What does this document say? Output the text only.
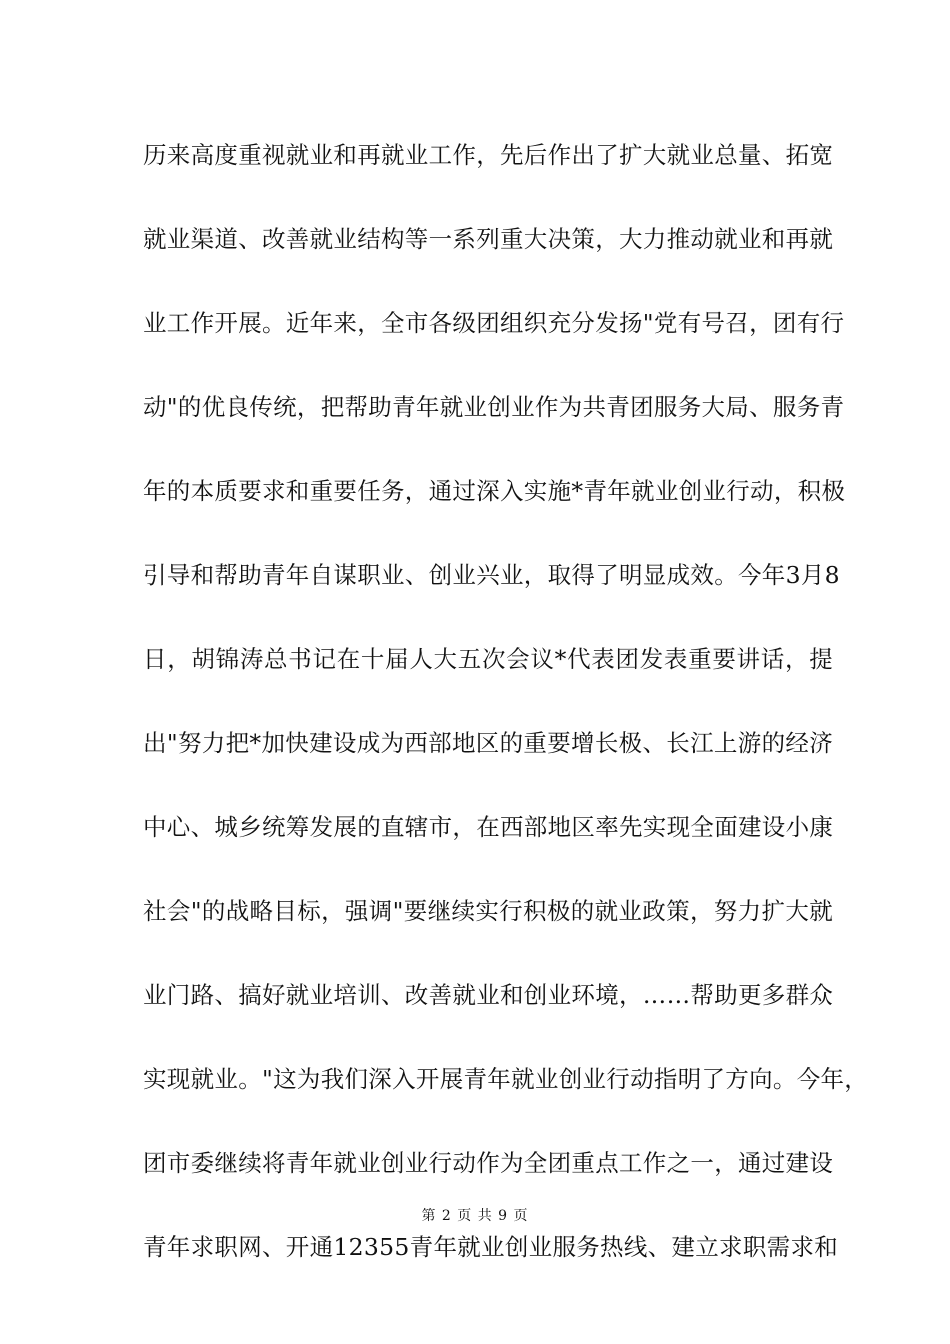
历来高度重视就业和再就业工作，先后作出了扩大就业总量、拓宽
就业渠道、改善就业结构等一系列重大决策，大力推动就业和再就
业工作开展。近年来，全市各级团组织充分发扬"党有号召，团有行
动"的优良传统，把帮助青年就业创业作为共青团服务大局、服务青
年的本质要求和重要任务，通过深入实施*青年就业创业行动，积极
引导和帮助青年自谋职业、创业兴业，取得了明显成效。今年3月8
日，胡锦涛总书记在十届人大五次会议*代表团发表重要讲话，提
出"努力把*加快建设成为西部地区的重要增长极、长江上游的经济
中心、城乡统筹发展的直辖市，在西部地区率先实现全面建设小康
社会"的战略目标，强调"要继续实行积极的就业政策，努力扩大就
业门路、搞好就业培训、改善就业和创业环境，……帮助更多群众
实现就业。"这为我们深入开展青年就业创业行动指明了方向。今年，
团市委继续将青年就业创业行动作为全团重点工作之一，通过建设
青年求职网、开通12355青年就业创业服务热线、建立求职需求和
第 2 页 共 9 页
